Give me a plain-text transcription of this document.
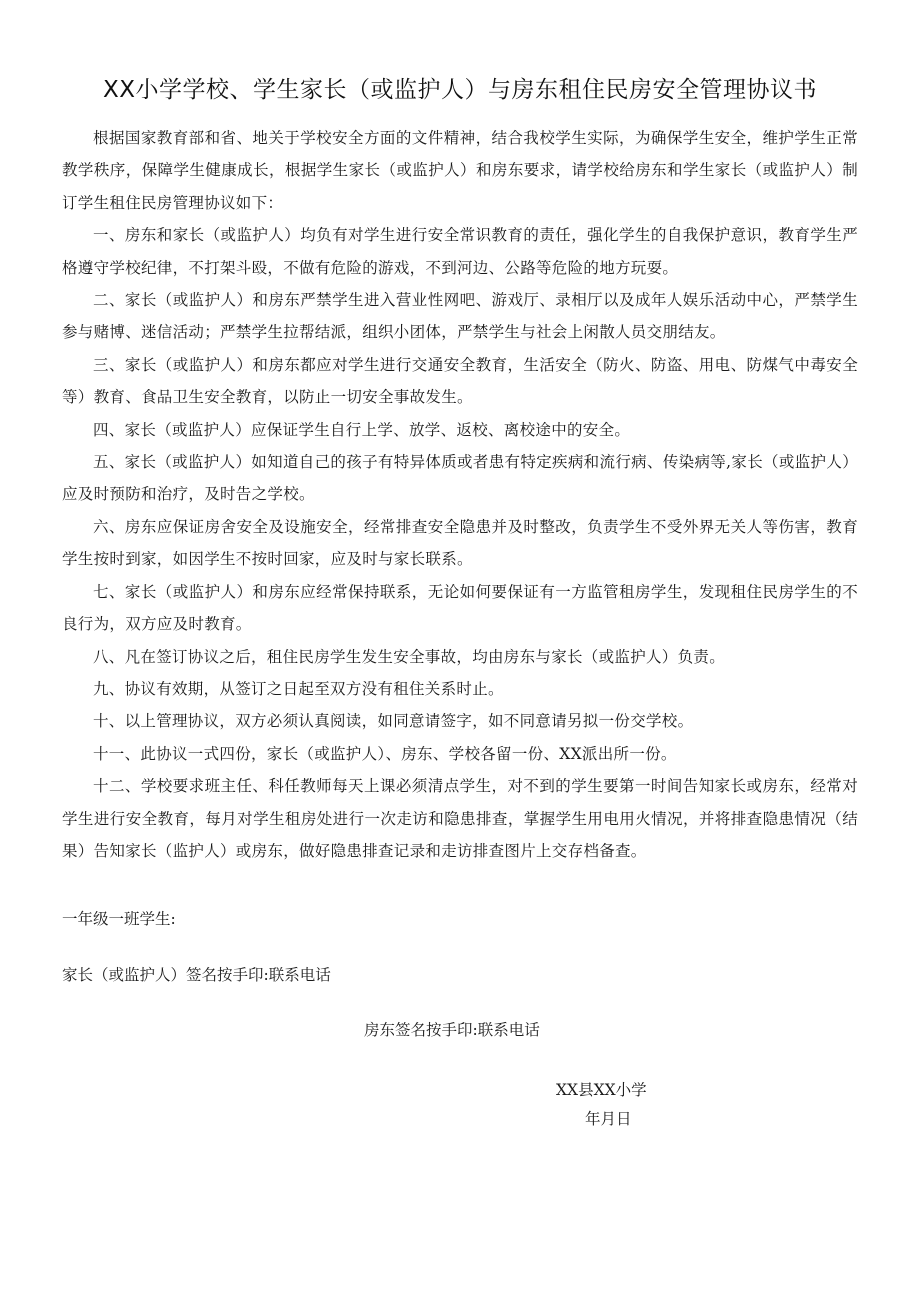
XX小学学校、学生家长（或监护人）与房东租住民房安全管理协议书

根据国家教育部和省、地关于学校安全方面的文件精神，结合我校学生实际，为确保学生安全，维护学生正常教学秩序，保障学生健康成长，根据学生家长（或监护人）和房东要求，请学校给房东和学生家长（或监护人）制订学生租住民房管理协议如下：

一、房东和家长（或监护人）均负有对学生进行安全常识教育的责任，强化学生的自我保护意识，教育学生严格遵守学校纪律，不打架斗殴，不做有危险的游戏，不到河边、公路等危险的地方玩耍。

二、家长（或监护人）和房东严禁学生进入营业性网吧、游戏厅、录相厅以及成年人娱乐活动中心，严禁学生参与赌博、迷信活动；严禁学生拉帮结派，组织小团体，严禁学生与社会上闲散人员交朋结友。

三、家长（或监护人）和房东都应对学生进行交通安全教育，生活安全（防火、防盗、用电、防煤气中毒安全等）教育、食品卫生安全教育，以防止一切安全事故发生。

四、家长（或监护人）应保证学生自行上学、放学、返校、离校途中的安全。

五、家长（或监护人）如知道自己的孩子有特异体质或者患有特定疾病和流行病、传染病等,家长（或监护人）应及时预防和治疗，及时告之学校。

六、房东应保证房舍安全及设施安全，经常排查安全隐患并及时整改，负责学生不受外界无关人等伤害，教育学生按时到家，如因学生不按时回家，应及时与家长联系。

七、家长（或监护人）和房东应经常保持联系，无论如何要保证有一方监管租房学生，发现租住民房学生的不良行为，双方应及时教育。

八、凡在签订协议之后，租住民房学生发生安全事故，均由房东与家长（或监护人）负责。

九、协议有效期，从签订之日起至双方没有租住关系时止。

十、以上管理协议，双方必须认真阅读，如同意请签字，如不同意请另拟一份交学校。

十一、此协议一式四份，家长（或监护人）、房东、学校各留一份、XX派出所一份。

十二、学校要求班主任、科任教师每天上课必须清点学生，对不到的学生要第一时间告知家长或房东，经常对学生进行安全教育，每月对学生租房处进行一次走访和隐患排查，掌握学生用电用火情况，并将排查隐患情况（结果）告知家长（监护人）或房东，做好隐患排查记录和走访排查图片上交存档备查。

一年级一班学生:

家长（或监护人）签名按手印:联系电话

房东签名按手印:联系电话

XX县XX小学

年月日
